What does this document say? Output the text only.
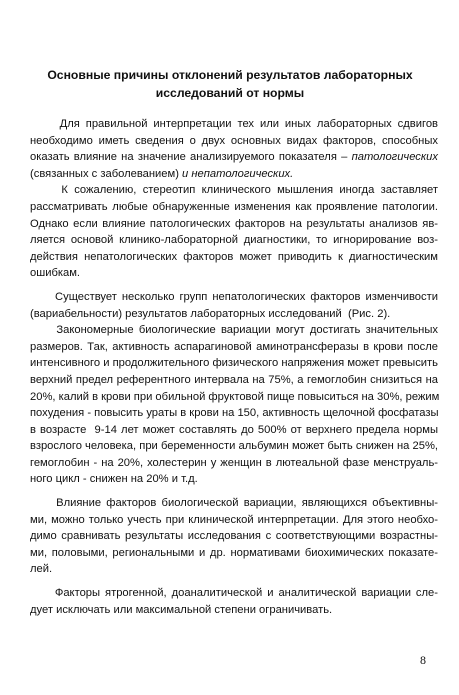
Основные причины отклонений результатов лабораторных
исследований от нормы
Для правильной интерпретации тех или иных лабораторных сдвигов
необходимо иметь сведения о двух основных видах факторов, способных
оказать влияние на значение анализируемого показателя – патологических
(связанных с заболеванием) и непатологических.
К сожалению, стереотип клинического мышления иногда заставляет
рассматривать любые обнаруженные изменения как проявление патологии.
Однако если влияние патологических факторов на результаты анализов яв-
ляется основой клинико-лабораторной диагностики, то игнорирование воз-
действия непатологических факторов может приводить к диагностическим
ошибкам.
Существует несколько групп непатологических факторов изменчивости
(вариабельности) результатов лабораторных исследований  (Рис. 2).
Закономерные биологические вариации могут достигать значительных
размеров. Так, активность аспарагиновой аминотрансферазы в крови после
интенсивного и продолжительного физического напряжения может превысить
верхний предел референтного интервала на 75%, а гемоглобин снизиться на
20%, калий в крови при обильной фруктовой пище повыситься на 30%, режим
похудения - повысить ураты в крови на 150, активность щелочной фосфатазы
в возрасте  9-14 лет может составлять до 500% от верхнего предела нормы
взрослого человека, при беременности альбумин может быть снижен на 25%,
гемоглобин - на 20%, холестерин у женщин в лютеальной фазе менструаль-
ного цикл - снижен на 20% и т.д.
Влияние факторов биологической вариации, являющихся объективны-
ми, можно только учесть при клинической интерпретации. Для этого необхо-
димо сравнивать результаты исследования с соответствующими возрастны-
ми, половыми, региональными и др. нормативами биохимических показате-
лей.
Факторы ятрогенной, доаналитической и аналитической вариации сле-
дует исключать или максимальной степени ограничивать.
8
